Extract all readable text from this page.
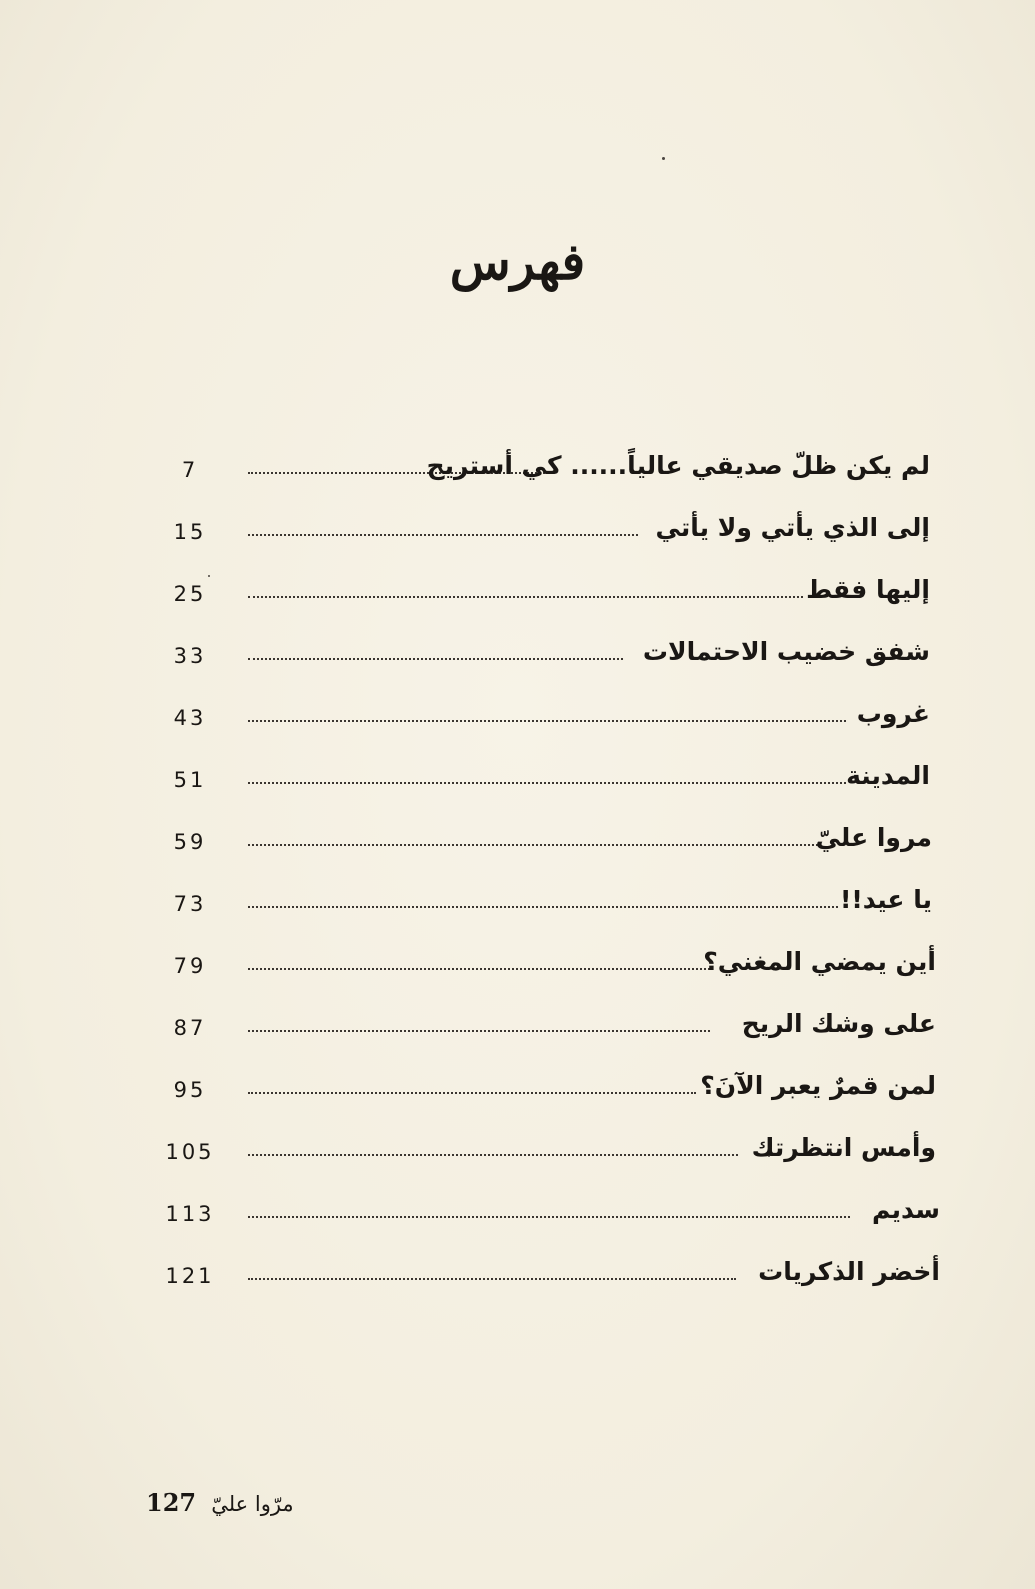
فهرس
7	لم يكن ظلّ صديقي عالياً...... كي أستريح
15	إلى الذي يأتي ولا يأتي
25	إليها فقط
33	شفق خضيب الاحتمالات
43	غروب
51	المدينة
59	مروا عليّ
73	يا عيد!!
79	أين يمضي المغني؟
87	على وشك الريح
95	لمن قمرٌ يعبر الآنَ؟
105	وأمس انتظرتك
113	سديم
121	أخضر الذكريات
127 مرّوا عليّ
